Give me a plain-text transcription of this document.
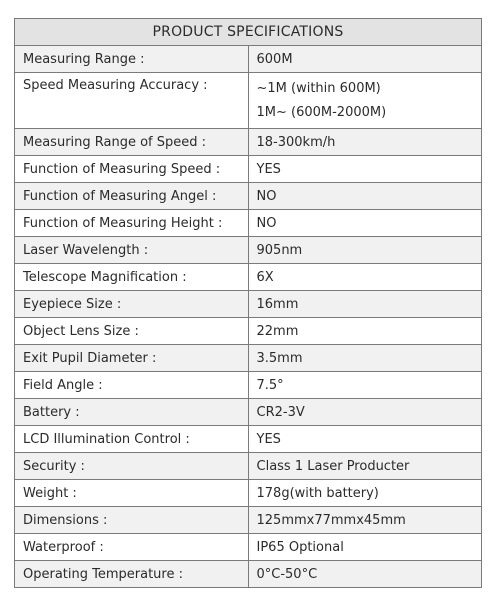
PRODUCT SPECIFICATIONS	
Measuring Range :	600M
Speed Measuring Accuracy :	~1M (within 600M)
1M~ (600M-2000M)

Measuring Range of Speed :	18-300km/h
Function of Measuring Speed :	YES
Function of Measuring Angel :	NO
Function of Measuring Height :	NO
Laser Wavelength :	905nm
Telescope Magnification :	6X
Eyepiece Size :	16mm
Object Lens Size :	22mm
Exit Pupil Diameter :	3.5mm
Field Angle :	7.5°
Battery :	CR2-3V
LCD Illumination Control :	YES
Security :	Class 1 Laser Producter
Weight :	178g(with battery)
Dimensions :	125mmx77mmx45mm
Waterproof :	IP65 Optional
Operating Temperature :	0°C-50°C
